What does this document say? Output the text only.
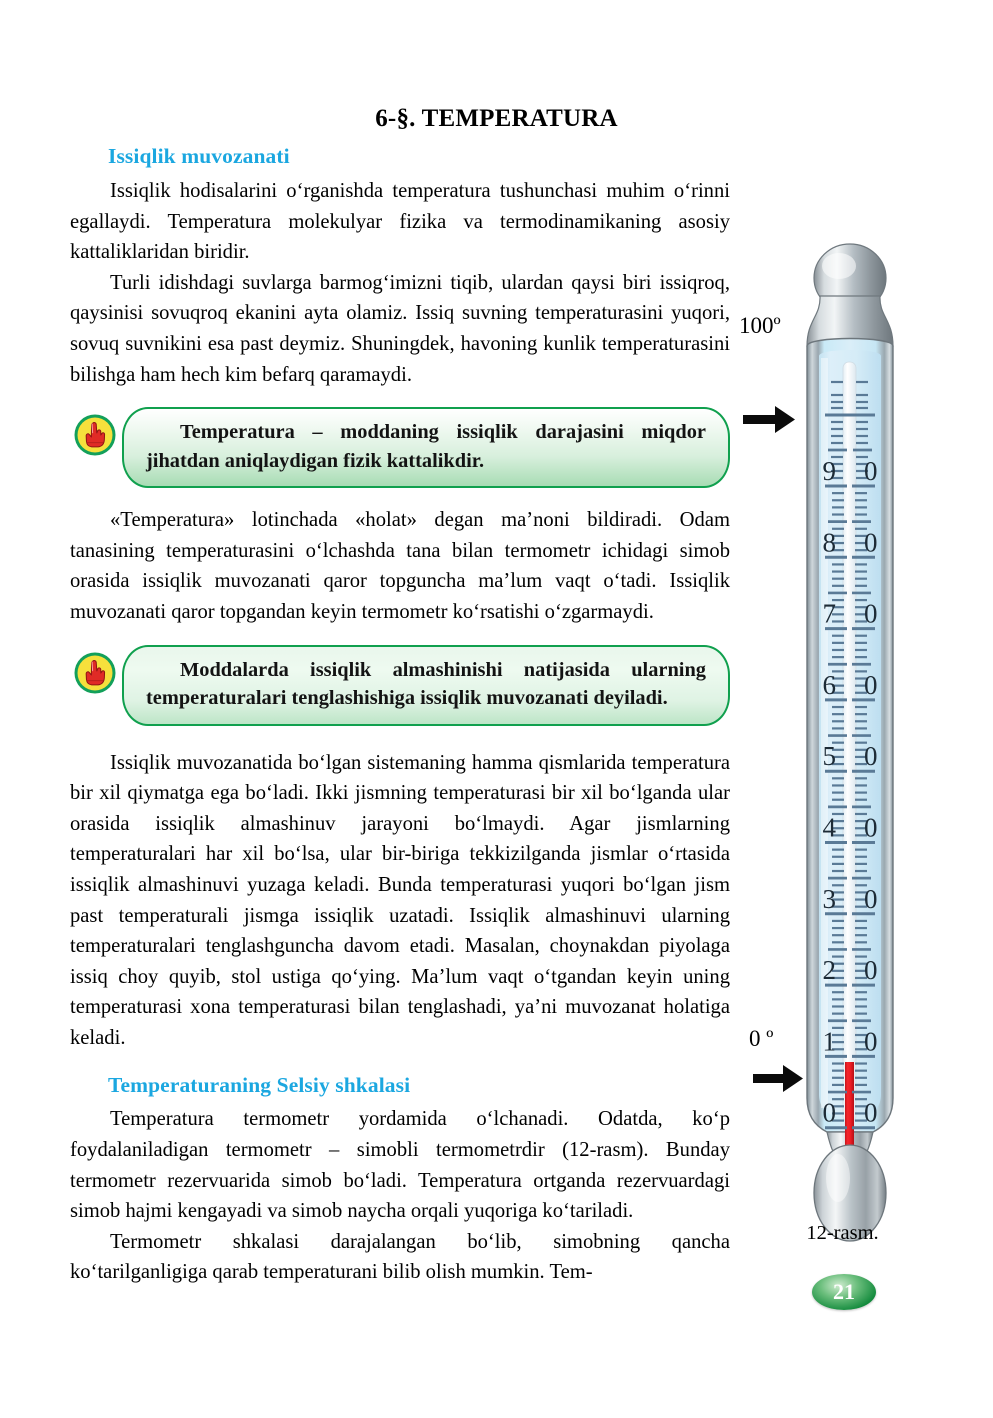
6-§. TEMPERATURA
Issiqlik muvozanati

Issiqlik hodisalarini o‘rganishda temperatura tushunchasi muhim o‘rinni egallaydi. Temperatura molekulyar fizika va termodinamikaning asosiy kattaliklaridan biridir.

Turli idishdagi suvlarga barmog‘imizni tiqib, ulardan qaysi biri issiqroq, qaysinisi sovuqroq ekanini ayta olamiz. Issiq suvning temperaturasini yuqori, sovuq suvnikini esa past deymiz. Shuningdek, havoning kunlik temperaturasini bilishga ham hech kim befarq qaramaydi.

Temperatura – moddaning issiqlik darajasini miqdor jihatdan aniqlaydigan fizik kattalikdir.

«Temperatura» lotinchada «holat» degan ma’noni bildiradi. Odam tanasining temperaturasini o‘lchashda tana bilan termometr ichidagi simob orasida issiqlik muvozanati qaror topguncha ma’lum vaqt o‘tadi. Issiqlik muvozanati qaror topgandan keyin termometr ko‘rsatishi o‘zgarmaydi.

Moddalarda issiqlik almashinishi natijasida ularning temperaturalari tenglashishiga issiqlik muvozanati deyiladi.

Issiqlik muvozanatida bo‘lgan sistemaning hamma qismlarida temperatura bir xil qiymatga ega bo‘ladi. Ikki jismning temperaturasi bir xil bo‘lganda ular orasida issiqlik almashinuv jarayoni bo‘lmaydi. Agar jismlarning temperaturalari har xil bo‘lsa, ular bir-biriga tekkizilganda jismlar o‘rtasida issiqlik almashinuvi yuzaga keladi. Bunda temperaturasi yuqori bo‘lgan jism past temperaturali jismga issiqlik uzatadi. Issiqlik almashinuvi ularning temperaturalari tenglashguncha davom etadi. Masalan, choynakdan piyolaga issiq choy quyib, stol ustiga qo‘ying. Ma’lum vaqt o‘tgandan keyin uning temperaturasi xona temperaturasi bilan tenglashadi, ya’ni muvozanat holatiga keladi.

Temperaturaning Selsiy shkalasi

Temperatura termometr yordamida o‘lchanadi. Odatda, ko‘p foydalaniladigan termometr – simobli termometrdir (12-rasm). Bunday termometr rezervuarida simob bo‘ladi. Temperatura ortganda rezervuardagi simob hajmi kengayadi va simob naycha orqali yuqoriga ko‘tariladi.

Termometr shkalasi darajalangan bo‘lib, simobning qancha ko‘tarilganligiga qarab temperaturani bilib olish mumkin. Tem-

9 0
8 0
7 0
6 0
5 0
4 0
3 0
2 0
1 0
0 0
100º
0 º
12-rasm.
21
